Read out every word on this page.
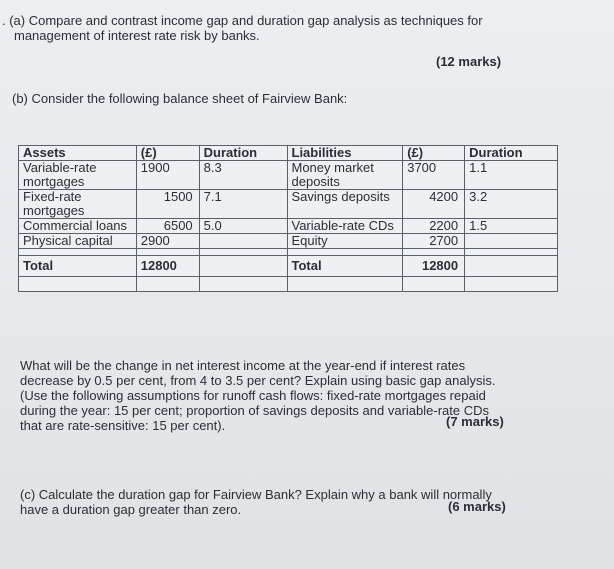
. (a) Compare and contrast income gap and duration gap analysis as techniques for
management of interest rate risk by banks.
(12 marks)
(b) Consider the following balance sheet of Fairview Bank:
Assets	(£)	Duration	Liabilities	(£)	Duration
Variable-rate mortgages	1900	8.3	Money market deposits	3700	1.1
Fixed-rate mortgages	1500	7.1	Savings deposits	4200	3.2
Commercial loans	6500	5.0	Variable-rate CDs	2200	1.5
Physical capital	2900		Equity	2700	

Total	12800		Total	12800	

What will be the change in net interest income at the year-end if interest rates
decrease by 0.5 per cent, from 4 to 3.5 per cent? Explain using basic gap analysis.
(Use the following assumptions for runoff cash flows: fixed-rate mortgages repaid
during the year: 15 per cent; proportion of savings deposits and variable-rate CDs
that are rate-sensitive: 15 per cent).	(7 marks)
(c) Calculate the duration gap for Fairview Bank? Explain why a bank will normally
have a duration gap greater than zero.	(6 marks)
